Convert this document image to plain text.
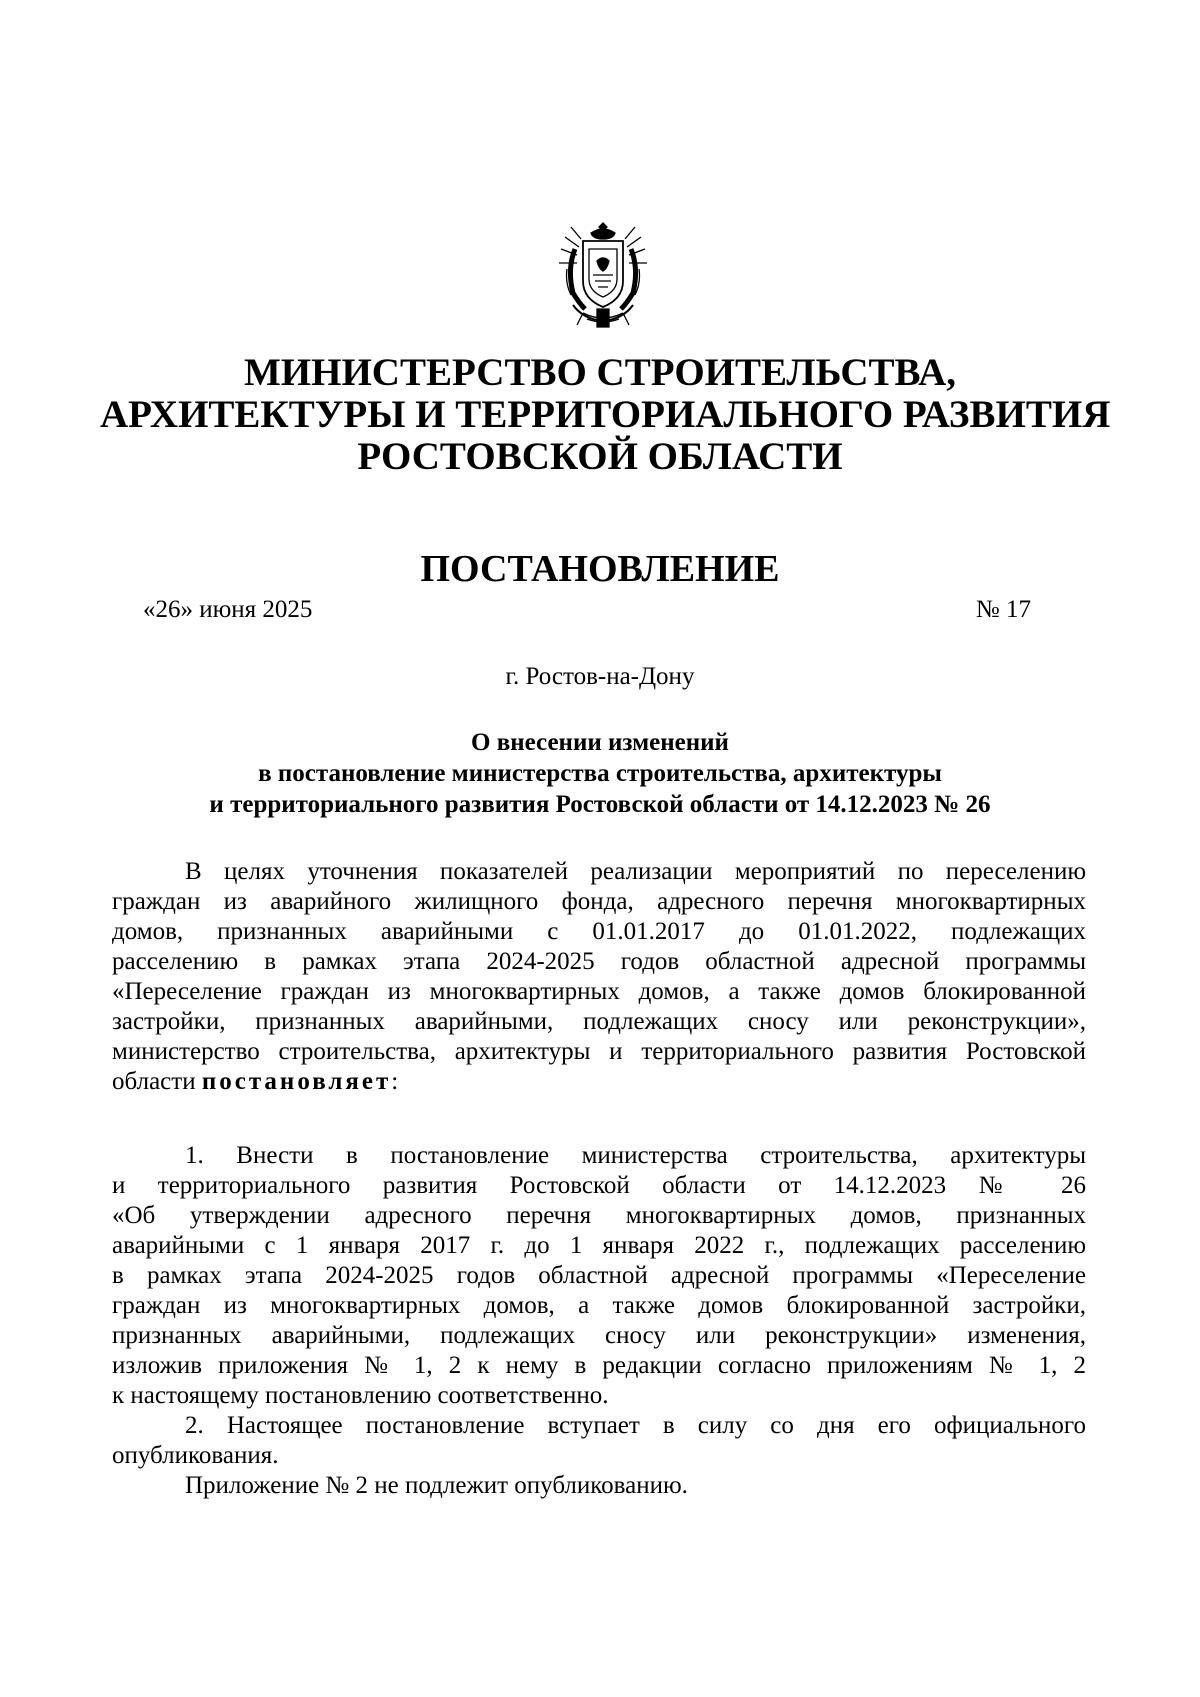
МИНИСТЕРСТВО СТРОИТЕЛЬСТВА,
АРХИТЕКТУРЫ И ТЕРРИТОРИАЛЬНОГО РАЗВИТИЯ
РОСТОВСКОЙ ОБЛАСТИ
ПОСТАНОВЛЕНИЕ
«26» июня 2025	№ 17
г. Ростов-на-Дону
О внесении изменений
в постановление министерства строительства, архитектуры
и территориального развития Ростовской области от 14.12.2023 № 26
В целях уточнения показателей реализации мероприятий по переселению
граждан из аварийного жилищного фонда, адресного перечня многоквартирных
домов, признанных аварийными с 01.01.2017 до 01.01.2022, подлежащих
расселению в рамках этапа 2024-2025 годов областной адресной программы
«Переселение граждан из многоквартирных домов, а также домов блокированной
застройки, признанных аварийными, подлежащих сносу или реконструкции»,
министерство строительства, архитектуры и территориального развития Ростовской
области постановляет:
1. Внести в постановление министерства строительства, архитектуры
и территориального развития Ростовской области от 14.12.2023 № 26
«Об утверждении адресного перечня многоквартирных домов, признанных
аварийными с 1 января 2017 г. до 1 января 2022 г., подлежащих расселению
в рамках этапа 2024-2025 годов областной адресной программы «Переселение
граждан из многоквартирных домов, а также домов блокированной застройки,
признанных аварийными, подлежащих сносу или реконструкции» изменения,
изложив приложения № 1, 2 к нему в редакции согласно приложениям № 1, 2
к настоящему постановлению соответственно.
2. Настоящее постановление вступает в силу со дня его официального
опубликования.
Приложение № 2 не подлежит опубликованию.
